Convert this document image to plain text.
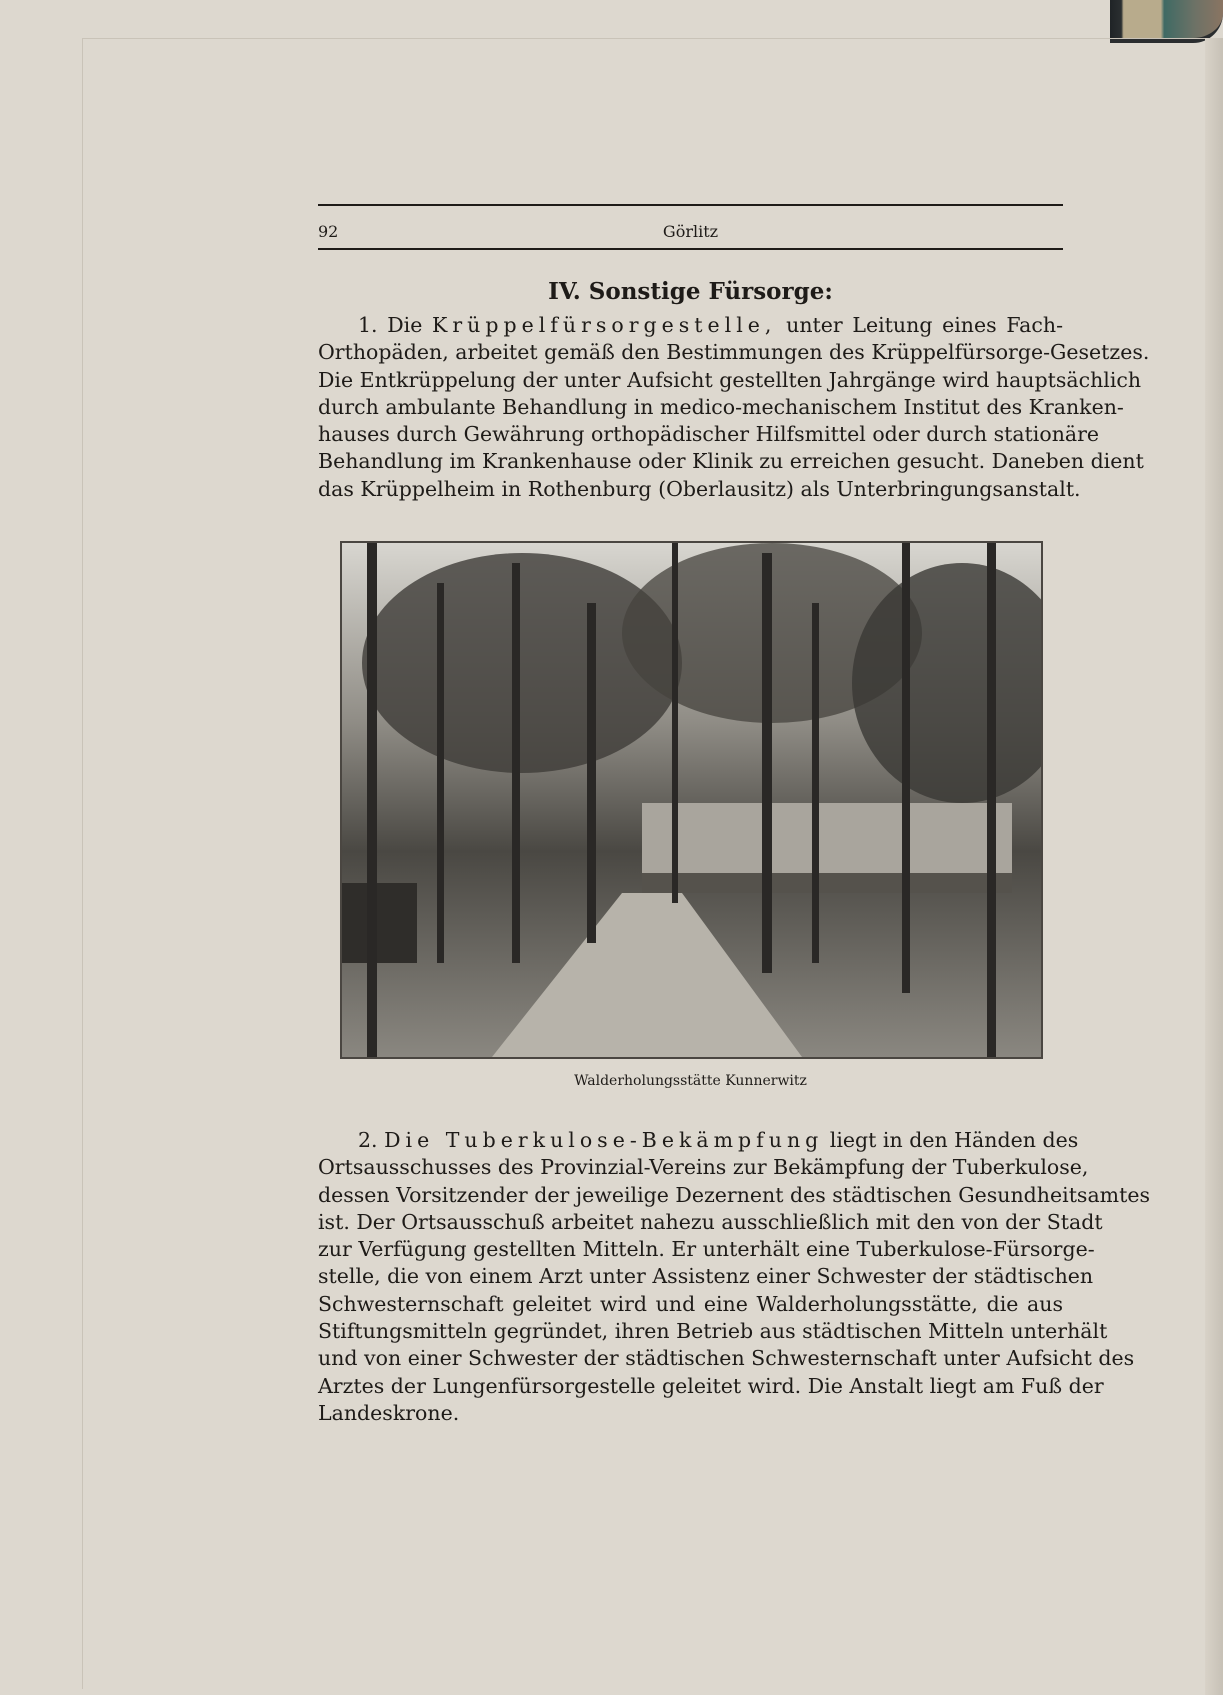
92	Görlitz
IV. Sonstige Fürsorge:
1. Die Krüppelfürsorgestelle, unter Leitung eines Fach-
Orthopäden, arbeitet gemäß den Bestimmungen des Krüppelfürsorge-Gesetzes.
Die Entkrüppelung der unter Aufsicht gestellten Jahrgänge wird hauptsächlich
durch ambulante Behandlung in medico-mechanischem Institut des Kranken-
hauses durch Gewährung orthopädischer Hilfsmittel oder durch stationäre
Behandlung im Krankenhause oder Klinik zu erreichen gesucht. Daneben dient
das Krüppelheim in Rothenburg (Oberlausitz) als Unterbringungsanstalt.
Walderholungsstätte Kunnerwitz
2. Die Tuberkulose-Bekämpfung liegt in den Händen des
Ortsausschusses des Provinzial-Vereins zur Bekämpfung der Tuberkulose,
dessen Vorsitzender der jeweilige Dezernent des städtischen Gesundheitsamtes
ist. Der Ortsausschuß arbeitet nahezu ausschließlich mit den von der Stadt
zur Verfügung gestellten Mitteln. Er unterhält eine Tuberkulose-Fürsorge-
stelle, die von einem Arzt unter Assistenz einer Schwester der städtischen
Schwesternschaft geleitet wird und eine Walderholungsstätte, die aus
Stiftungsmitteln gegründet, ihren Betrieb aus städtischen Mitteln unterhält
und von einer Schwester der städtischen Schwesternschaft unter Aufsicht des
Arztes der Lungenfürsorgestelle geleitet wird. Die Anstalt liegt am Fuß der
Landeskrone.
